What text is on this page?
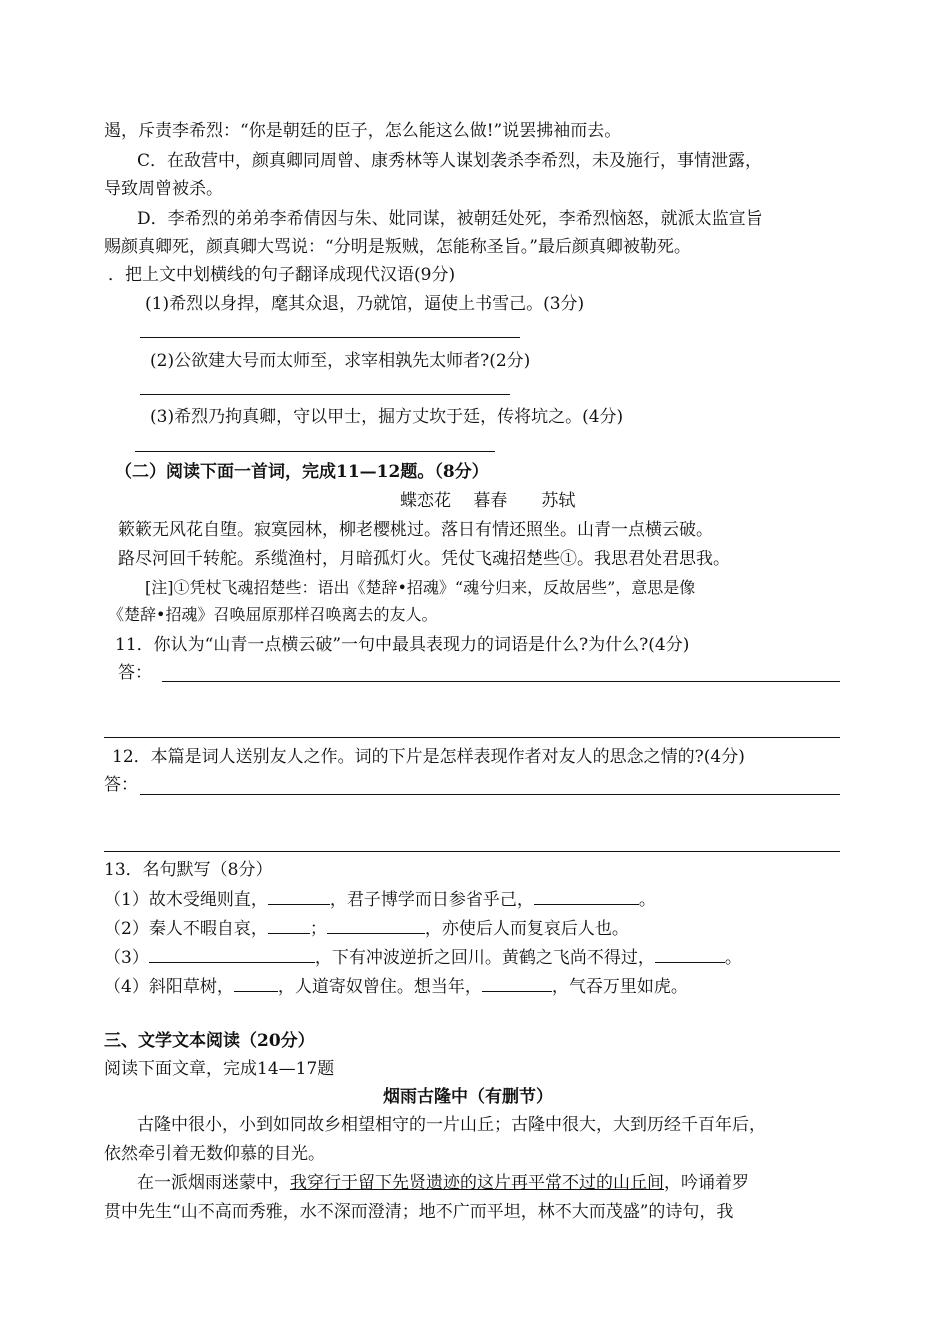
遏，斥责李希烈：“你是朝廷的臣子，怎么能这么做!”说罢拂袖而去。
C．在敌营中，颜真卿同周曾、康秀林等人谋划袭杀李希烈，未及施行，事情泄露，
导致周曾被杀。
D．李希烈的弟弟李希倩因与朱、妣同谋，被朝廷处死，李希烈恼怒，就派太监宣旨
赐颜真卿死，颜真卿大骂说：“分明是叛贼，怎能称圣旨。”最后颜真卿被勒死。
．把上文中划横线的句子翻译成现代汉语(9分)
(1)希烈以身捍，麾其众退，乃就馆，逼使上书雪己。(3分)
(2)公欲建大号而太师至，求宰相孰先太师者?(2分)
(3)希烈乃拘真卿，守以甲士，掘方丈坎于廷，传将坑之。(4分)
（二）阅读下面一首词，完成11—12题。（8分）
蝶恋花　 暮春　　苏轼
簌簌无风花自堕。寂寞园林，柳老樱桃过。落日有情还照坐。山青一点横云破。
路尽河回千转舵。系缆渔村，月暗孤灯火。凭仗飞魂招楚些①。我思君处君思我。
[注]①凭杖飞魂招楚些：语出《楚辞•招魂》“魂兮归来，反故居些”，意思是像
《楚辞•招魂》召唤屈原那样召唤离去的友人。
11．你认为“山青一点横云破”一句中最具表现力的词语是什么?为什么?(4分)
答：
12．本篇是词人送别友人之作。词的下片是怎样表现作者对友人的思念之情的?(4分)
答：
13．名句默写（8分）
（1）故木受绳则直，	，君子博学而日参省乎己，	。
（2）秦人不暇自哀， ；	，亦使后人而复哀后人也。
（3）	，下有冲波逆折之回川。黄鹤之飞尚不得过，	。
（4）斜阳草树，	，人道寄奴曾住。想当年，	，气吞万里如虎。
三、文学文本阅读（20分）
阅读下面文章，完成14—17题
烟雨古隆中（有删节）
古隆中很小，小到如同故乡相望相守的一片山丘；古隆中很大，大到历经千百年后，
依然牵引着无数仰慕的目光。
在一派烟雨迷蒙中，我穿行于留下先贤遗迹的这片再平常不过的山丘间，吟诵着罗
贯中先生“山不高而秀雅，水不深而澄清；地不广而平坦，林不大而茂盛”的诗句，我
